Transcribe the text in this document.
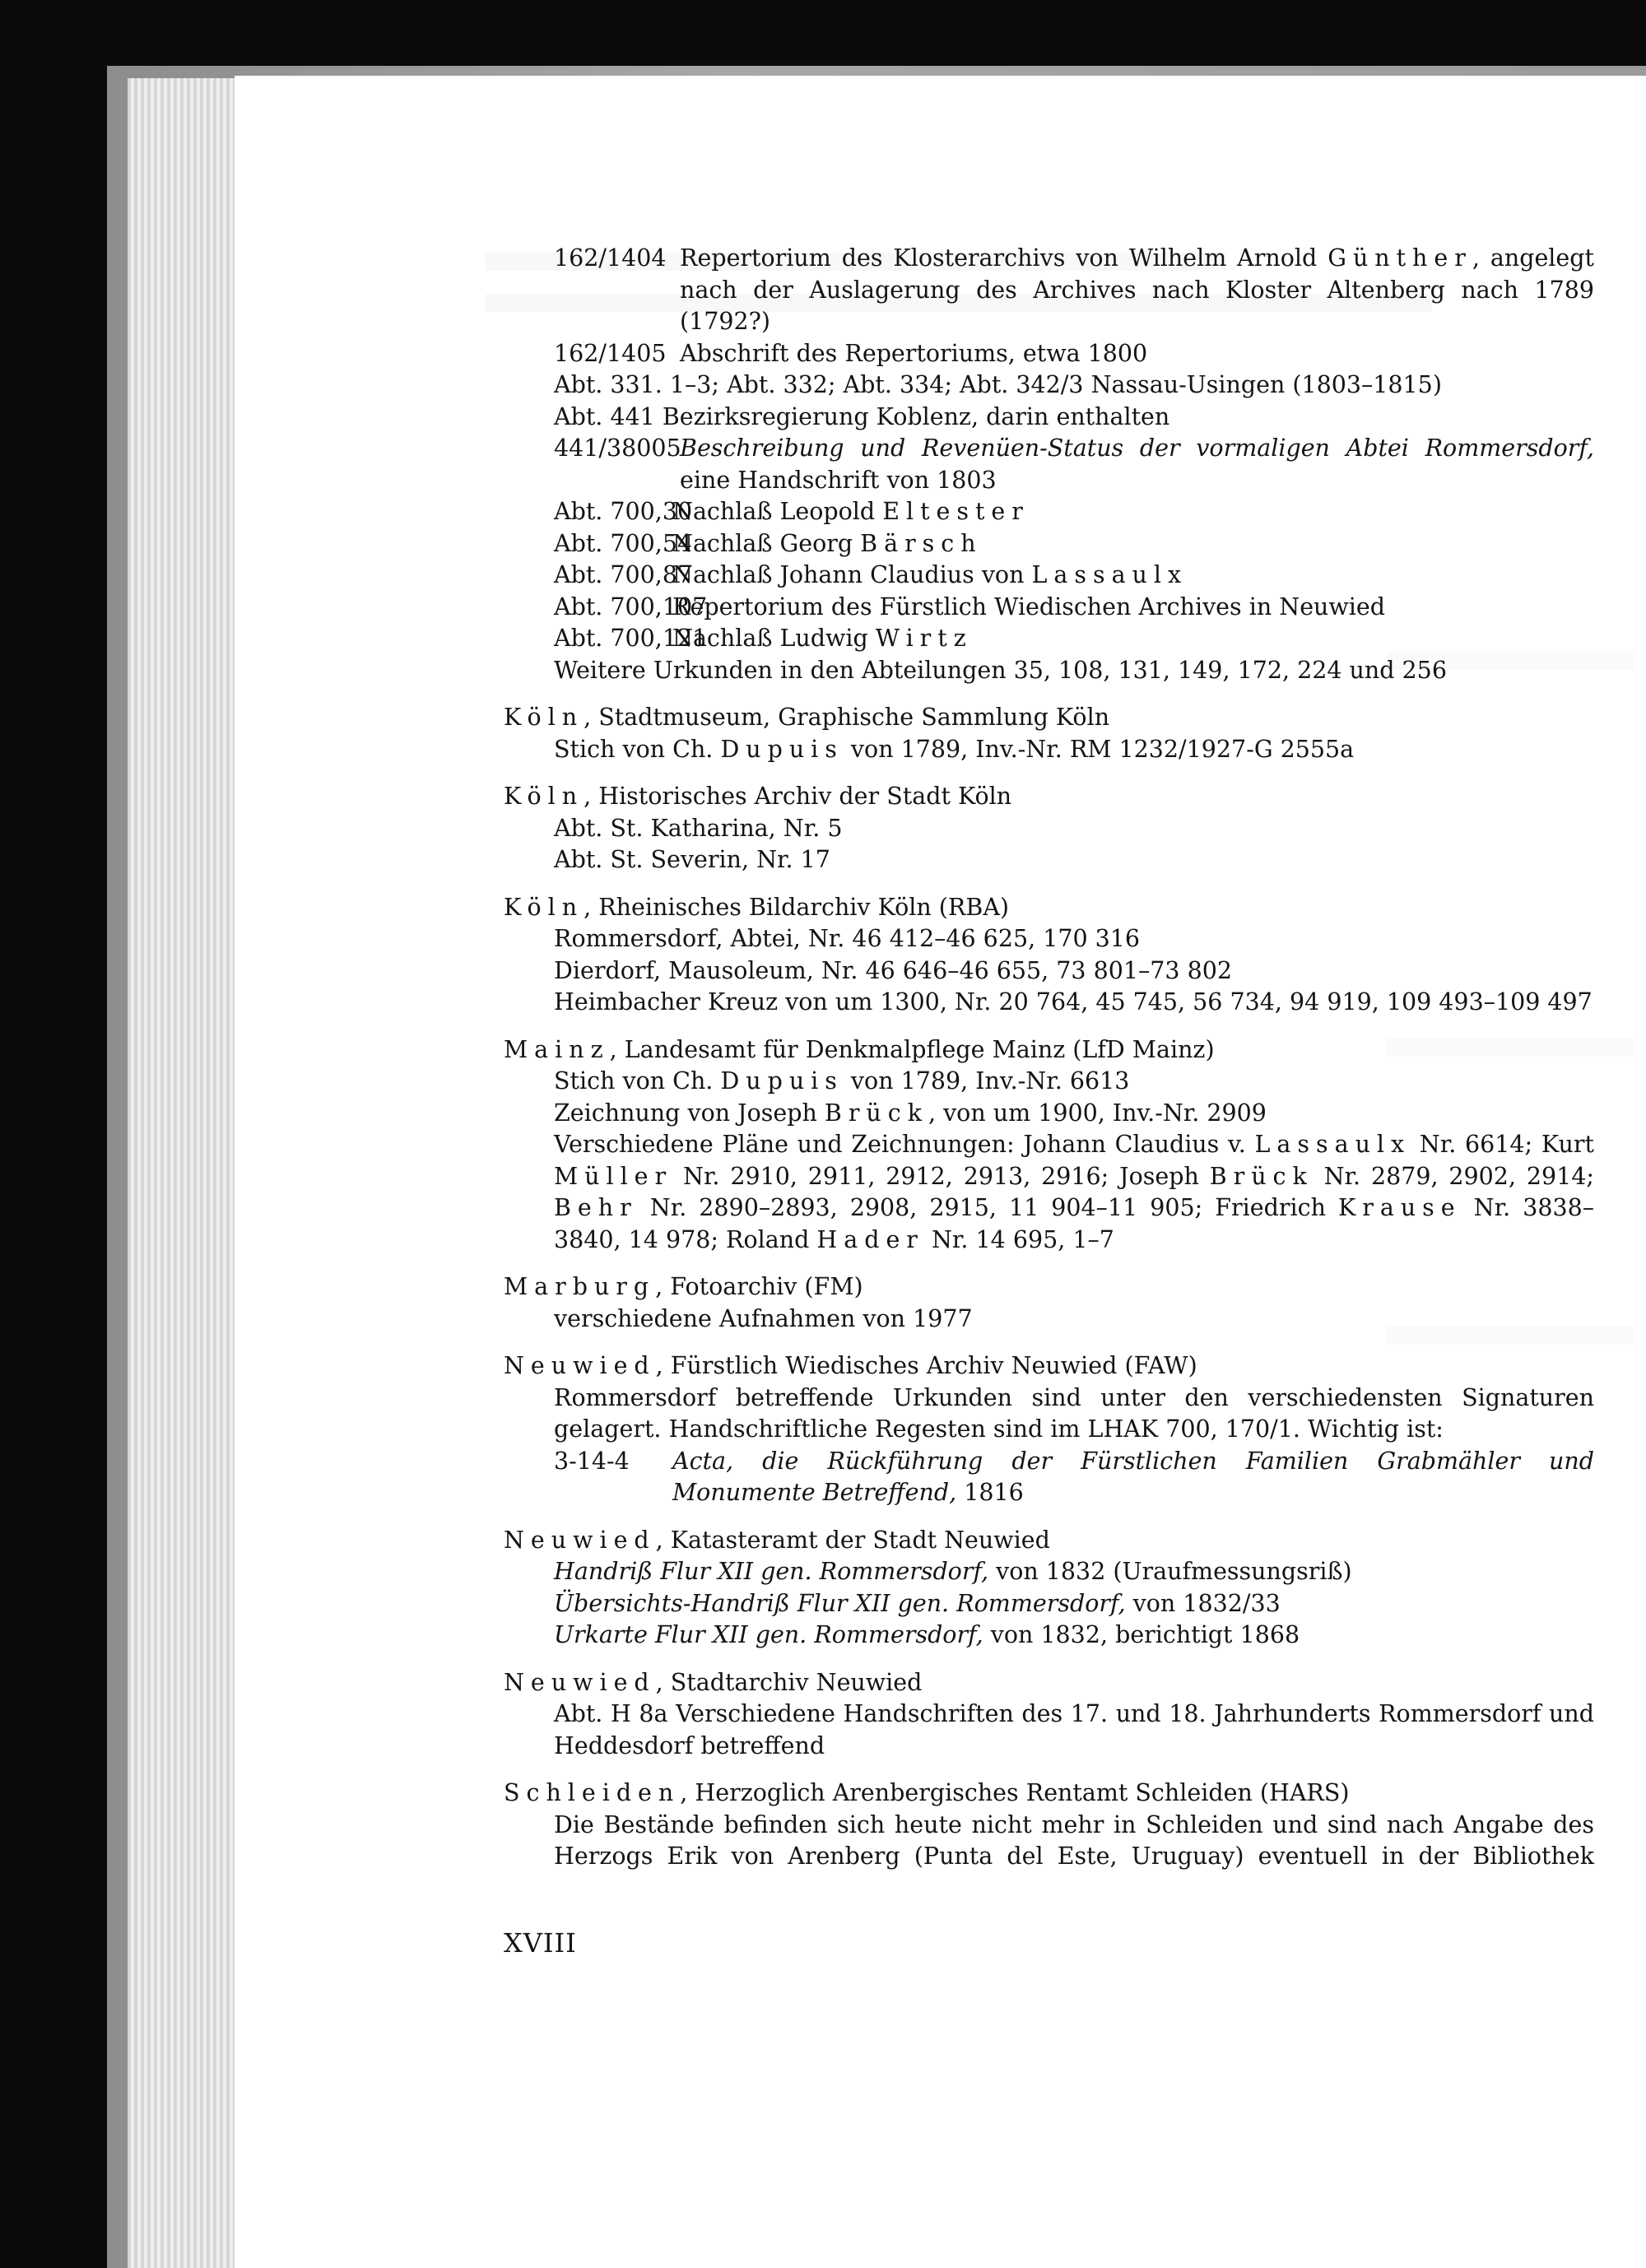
162/1404 Repertorium des Klosterarchivs von Wilhelm Arnold Günther, angelegt nach der Auslagerung des Archives nach Kloster Altenberg nach 1789 (1792?)
162/1405 Abschrift des Repertoriums, etwa 1800
Abt. 331. 1–3; Abt. 332; Abt. 334; Abt. 342/3 Nassau-Usingen (1803–1815)
Abt. 441 Bezirksregierung Koblenz, darin enthalten
441/38005
Beschreibung und Revenüen-Status der vormaligen Abtei Rommersdorf, eine Handschrift von 1803
Abt. 700,30
Nachlaß Leopold Eltester
Abt. 700,54
Nachlaß Georg Bärsch
Abt. 700,87
Nachlaß Johann Claudius von Lassaulx
Abt. 700,107
Repertorium des Fürstlich Wiedischen Archives in Neuwied
Abt. 700,121
Nachlaß Ludwig Wirtz
Weitere Urkunden in den Abteilungen 35, 108, 131, 149, 172, 224 und 256
Köln, Stadtmuseum, Graphische Sammlung Köln
Stich von Ch. Dupuis von 1789, Inv.-Nr. RM 1232/1927-G 2555a
Köln, Historisches Archiv der Stadt Köln
Abt. St. Katharina, Nr. 5
Abt. St. Severin, Nr. 17
Köln, Rheinisches Bildarchiv Köln (RBA)
Rommersdorf, Abtei, Nr. 46 412–46 625, 170 316
Dierdorf, Mausoleum, Nr. 46 646–46 655, 73 801–73 802
Heimbacher Kreuz von um 1300, Nr. 20 764, 45 745, 56 734, 94 919, 109 493–109 497
Mainz, Landesamt für Denkmalpflege Mainz (LfD Mainz)
Stich von Ch. Dupuis von 1789, Inv.-Nr. 6613
Zeichnung von Joseph Brück, von um 1900, Inv.-Nr. 2909
Verschiedene Pläne und Zeichnungen: Johann Claudius v. Lassaulx Nr. 6614; Kurt Müller Nr. 2910, 2911, 2912, 2913, 2916; Joseph Brück Nr. 2879, 2902, 2914; Behr Nr. 2890–2893, 2908, 2915, 11 904–11 905; Friedrich Krause Nr. 3838–3840, 14 978; Roland Hader Nr. 14 695, 1–7
Marburg, Fotoarchiv (FM)
verschiedene Aufnahmen von 1977
Neuwied, Fürstlich Wiedisches Archiv Neuwied (FAW)
Rommersdorf betreffende Urkunden sind unter den verschiedensten Signaturen gelagert. Handschriftliche Regesten sind im LHAK 700, 170/1. Wichtig ist:
3-14-4	Acta, die Rückführung der Fürstlichen Familien Grabmähler und Monumente Betreffend, 1816
Neuwied, Katasteramt der Stadt Neuwied
Handriß Flur XII gen. Rommersdorf, von 1832 (Uraufmessungsriß)
Übersichts-Handriß Flur XII gen. Rommersdorf, von 1832/33
Urkarte Flur XII gen. Rommersdorf, von 1832, berichtigt 1868
Neuwied, Stadtarchiv Neuwied
Abt. H 8a Verschiedene Handschriften des 17. und 18. Jahrhunderts Rommersdorf und Heddesdorf betreffend
Schleiden, Herzoglich Arenbergisches Rentamt Schleiden (HARS)
Die Bestände befinden sich heute nicht mehr in Schleiden und sind nach Angabe des Herzogs Erik von Arenberg (Punta del Este, Uruguay) eventuell in der Bibliothek
XVIII
